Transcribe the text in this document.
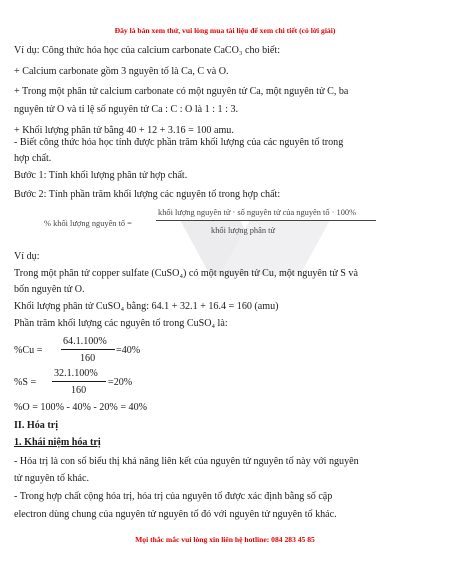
Đây là bản xem thử, vui lòng mua tài liệu để xem chi tiết (có lời giải)
Ví dụ: Công thức hóa học của calcium carbonate CaCO₃ cho biết:
+ Calcium carbonate gồm 3 nguyên tố là Ca, C và O.
+ Trong một phân tử calcium carbonate có một nguyên tử Ca, một nguyên tử C, ba
nguyên tử O và tỉ lệ số nguyên tử Ca : C : O là 1 : 1 : 3.
+ Khối lượng phân tử bằng 40 + 12 + 3.16 = 100 amu.
- Biết công thức hóa học tính được phần trăm khối lượng của các nguyên tố trong
hợp chất.
Bước 1: Tính khối lượng phân tử hợp chất.
Bước 2: Tính phần trăm khối lượng các nguyên tố trong hợp chất:
% khối lượng nguyên tố =
khối lượng nguyên tử · số nguyên tử của nguyên tố · 100%
khối lượng phân tử
Ví dụ:
Trong một phân tử copper sulfate (CuSO₄) có một nguyên tử Cu, một nguyên tử S và
bốn nguyên tử O.
Khối lượng phân tử CuSO₄ bằng: 64.1 + 32.1 + 16.4 = 160 (amu)
Phần trăm khối lượng các nguyên tố trong CuSO₄ là:
%Cu =
64.1.100%
160
=40%
%S =
32.1.100%
160
=20%
%O = 100% - 40% - 20% = 40%
II. Hóa trị
1. Khái niệm hóa trị
- Hóa trị là con số biểu thị khả năng liên kết của nguyên tử nguyên tố này với nguyên
tử nguyên tố khác.
- Trong hợp chất cộng hóa trị, hóa trị của nguyên tố được xác định bằng số cặp
electron dùng chung của nguyên tử nguyên tố đó với nguyên tử nguyên tố khác.
Mọi thắc mắc vui lòng xin liên hệ hotline: 084 283 45 85
